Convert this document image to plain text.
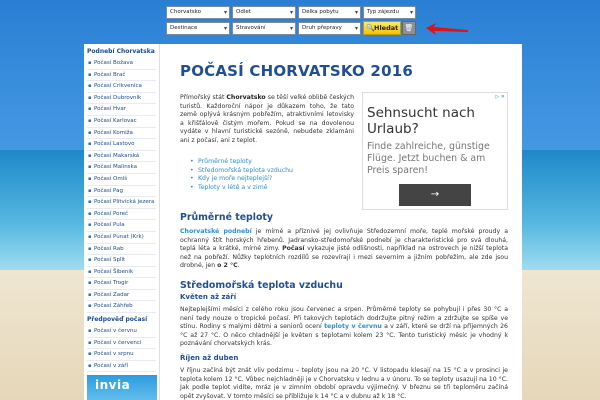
Chorvatsko ▾	Odlet ▾	Délka pobytu ▾	Typ zájezdu ▾
Destinace ▾	Stravování ▾	Druh přepravy ▾	🔍 Hledat 🗑
Podnebí Chorvatska
▪ Počasí Božava
▪ Počasí Brač
▪ Počasí Crikvenica
▪ Počasí Dubrovník
▪ Počasí Hvar
▪ Počasí Karlovac
▪ Počasí Komiža
▪ Počasí Lastovo
▪ Počasí Makarská
▪ Počasí Malinska
▪ Počasí Omiš
▪ Počasí Pag
▪ Počasí Plitvická jezera
▪ Počasí Poreč
▪ Počasí Pula
▪ Počasí Punat (Krk)
▪ Počasí Rab
▪ Počasí Split
▪ Počasí Šibenik
▪ Počasí Trogir
▪ Počasí Zadar
▪ Počasí Záhřeb
Předpověď počasí
▪ Počasí v červnu
▪ Počasí v červenci
▪ Počasí v srpnu
▪ Počasí v září
invia
POČASÍ CHORVATSKO 2016
Přímořský stát Chorvatsko se těší velké oblibě českých turistů. Každoroční nápor je důkazem toho, že tato země oplývá krásným pobřežím, atraktivními letovisky a křišťálově čistým mořem. Pokud se na dovolenou vydáte v hlavní turistické sezóně, nebudete zklamáni ani z počasí, ani z teplot.
• Průměrné teploty
• Středomořská teplota vzduchu
• Kdy je moře nejteplejší?
• Teploty v létě a v zimě
▷ ✕
Sehnsucht nach Urlaub?
Finde zahlreiche, günstige Flüge. Jetzt buchen & am Preis sparen!
→
Průměrné teploty
Chorvatské podnebí je mírné a příznivé jej ovlivňuje Středozemní moře, teplé mořské proudy a ochranný štít horských hřebenů. Jadransko-středomořské podnebí je charakteristické pro svá dlouhá, teplá léta a krátké, mírné zimy. Počasí vykazuje jisté odlišnosti, například na ostrovech je nižší teplota než na pobřeží. Nůžky teplotních rozdílů se rozevírají i mezi severním a jižním pobřežím, ale zde jsou drobné, jen o 2 °C.
Středomořská teplota vzduchu
Květen až září
Nejteplejšími měsíci z celého roku jsou červenec a srpen. Průměrné teploty se pohybují i přes 30 °C a není tedy nouze o tropické počasí. Při takových teplotách dodržujte pitný režim a zdržujte se spíše ve stínu. Rodiny s malými dětmi a seniorů ocení teploty v červnu a v září, které se drží na příjemných 26 °C až 27 °C. O něco chladnější je květen s teplotami kolem 23 °C. Tento turistický měsíc je vhodný k poznávání chorvatských krás.
Říjen až duben
V říjnu začíná být znát vliv podzimu – teploty jsou na 20 °C. V listopadu klesají na 15 °C a v prosinci je teplota kolem 12 °C. Vůbec nejchladněji je v Chorvatsku v lednu a v únoru. To se teploty usazují na 10 °C. Jak podle teplot vidíte, mráz je v zimním období opravdu výjimečný. V březnu se tři teploměru začíná opět zvyšovat. V tomto měsíci se přibližuje k 14 °C a v dubnu až k 18 °C.
